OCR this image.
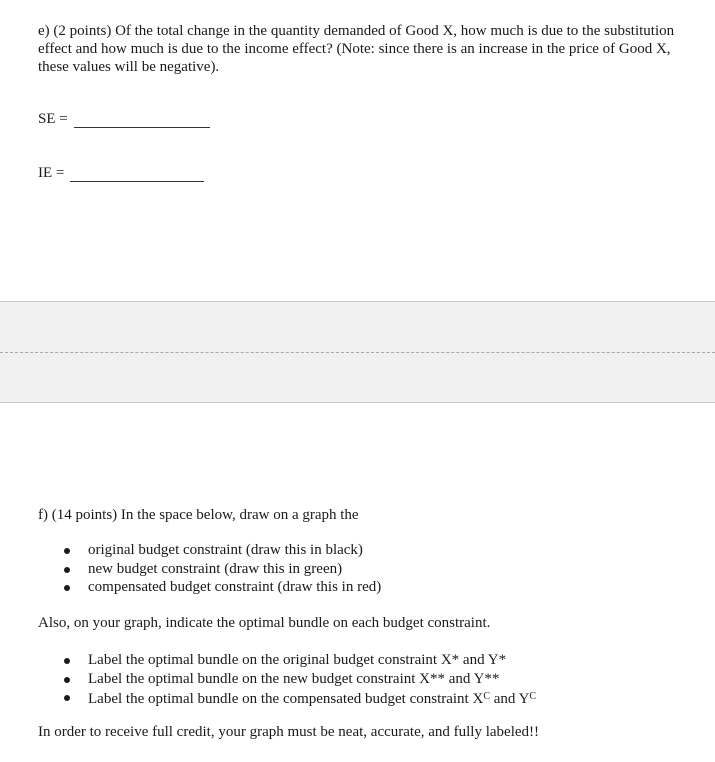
e) (2 points) Of the total change in the quantity demanded of Good X, how much is due to the substitution effect and how much is due to the income effect? (Note: since there is an increase in the price of Good X, these values will be negative).
SE =
IE =
f) (14 points) In the space below, draw on a graph the
original budget constraint (draw this in black)
new budget constraint (draw this in green)
compensated budget constraint (draw this in red)
Also, on your graph, indicate the optimal bundle on each budget constraint.
Label the optimal bundle on the original budget constraint X* and Y*
Label the optimal bundle on the new budget constraint X** and Y**
Label the optimal bundle on the compensated budget constraint $X^C$ and $Y^C$
In order to receive full credit, your graph must be neat, accurate, and fully labeled!!
